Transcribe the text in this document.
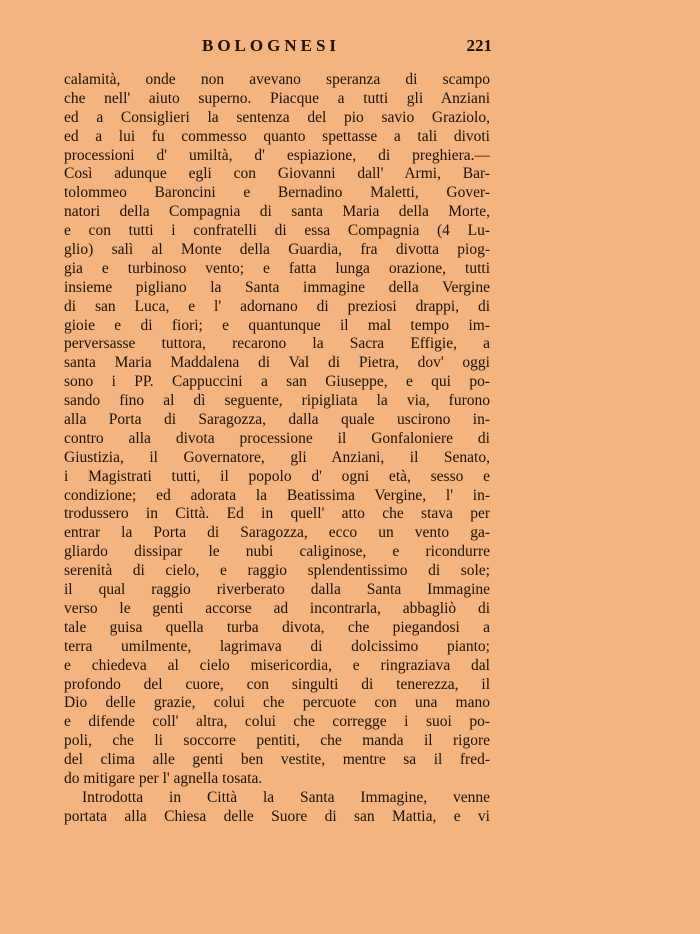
BOLOGNESI	221
calamità, onde non avevano speranza di scampo
che nell' aiuto superno. Piacque a tutti gli Anziani
ed a Consiglieri la sentenza del pio savio Graziolo,
ed a lui fu commesso quanto spettasse a tali divoti
processioni d' umiltà, d' espiazione, di preghiera.—
Così adunque egli con Giovanni dall' Armi, Bar-
tolommeo Baroncini e Bernadino Maletti, Gover-
natori della Compagnia di santa Maria della Morte,
e con tutti i confratelli di essa Compagnia (4 Lu-
glio) salì al Monte della Guardia, fra divotta piog-
gia e turbinoso vento; e fatta lunga orazione, tutti
insieme pigliano la Santa immagine della Vergine
di san Luca, e l' adornano di preziosi drappi, di
gioie e di fiori; e quantunque il mal tempo im-
perversasse tuttora, recarono la Sacra Effigie, a
santa Maria Maddalena di Val di Pietra, dov' oggi
sono i PP. Cappuccini a san Giuseppe, e qui po-
sando fino al dì seguente, ripigliata la via, furono
alla Porta di Saragozza, dalla quale uscirono in-
contro alla divota processione il Gonfaloniere di
Giustizia, il Governatore, gli Anziani, il Senato,
i Magistrati tutti, il popolo d' ogni età, sesso e
condizione; ed adorata la Beatissima Vergine, l' in-
trodussero in Città. Ed in quell' atto che stava per
entrar la Porta di Saragozza, ecco un vento ga-
gliardo dissipar le nubi caliginose, e ricondurre
serenità di cielo, e raggio splendentissimo di sole;
il qual raggio riverberato dalla Santa Immagine
verso le genti accorse ad incontrarla, abbagliò di
tale guisa quella turba divota, che piegandosi a
terra umilmente, lagrimava di dolcissimo pianto;
e chiedeva al cielo misericordia, e ringraziava dal
profondo del cuore, con singulti di tenerezza, il
Dio delle grazie, colui che percuote con una mano
e difende coll' altra, colui che corregge i suoi po-
poli, che li soccorre pentiti, che manda il rigore
del clima alle genti ben vestite, mentre sa il fred-
do mitigare per l' agnella tosata.
Introdotta in Città la Santa Immagine, venne
portata alla Chiesa delle Suore di san Mattia, e vi
